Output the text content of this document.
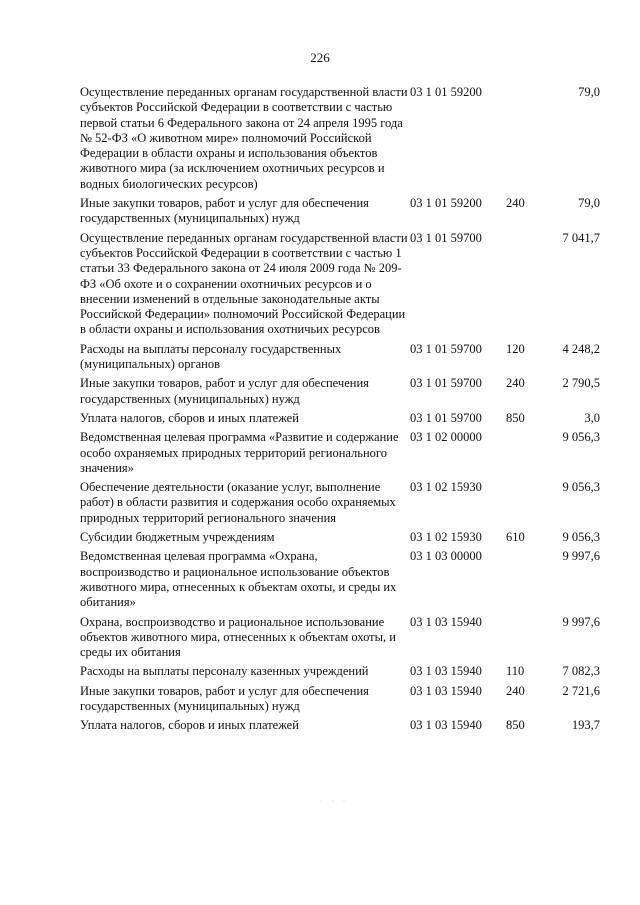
226
Осуществление переданных органам государственной власти субъектов Российской Федерации в соответствии с частью первой статьи 6 Федерального закона от 24 апреля 1995 года № 52-ФЗ «О животном мире» полномочий Российской Федерации в области охраны и использования объектов животного мира (за исключением охотничьих ресурсов и водных биологических ресурсов)	03 1 01 59200		79,0
Иные закупки товаров, работ и услуг для обеспечения государственных (муниципальных) нужд	03 1 01 59200	240	79,0
Осуществление переданных органам государственной власти субъектов Российской Федерации в соответствии с частью 1 статьи 33 Федерального закона от 24 июля 2009 года № 209-ФЗ «Об охоте и о сохранении охотничьих ресурсов и о внесении изменений в отдельные законодательные акты Российской Федерации» полномочий Российской Федерации в области охраны и использования охотничьих ресурсов	03 1 01 59700		7 041,7
Расходы на выплаты персоналу государственных (муниципальных) органов	03 1 01 59700	120	4 248,2
Иные закупки товаров, работ и услуг для обеспечения государственных (муниципальных) нужд	03 1 01 59700	240	2 790,5
Уплата налогов, сборов и иных платежей	03 1 01 59700	850	3,0
Ведомственная целевая программа «Развитие и содержание особо охраняемых природных территорий регионального значения»	03 1 02 00000		9 056,3
Обеспечение деятельности (оказание услуг, выполнение работ) в области развития и содержания особо охраняемых природных территорий регионального значения	03 1 02 15930		9 056,3
Субсидии бюджетным учреждениям	03 1 02 15930	610	9 056,3
Ведомственная целевая программа «Охрана, воспроизводство и рациональное использование объектов животного мира, отнесенных к объектам охоты, и среды их обитания»	03 1 03 00000		9 997,6
Охрана, воспроизводство и рациональное использование объектов животного мира, отнесенных к объектам охоты, и среды их обитания	03 1 03 15940		9 997,6
Расходы на выплаты персоналу казенных учреждений	03 1 03 15940	110	7 082,3
Иные закупки товаров, работ и услуг для обеспечения государственных (муниципальных) нужд	03 1 03 15940	240	2 721,6
Уплата налогов, сборов и иных платежей	03 1 03 15940	850	193,7
· · ·
